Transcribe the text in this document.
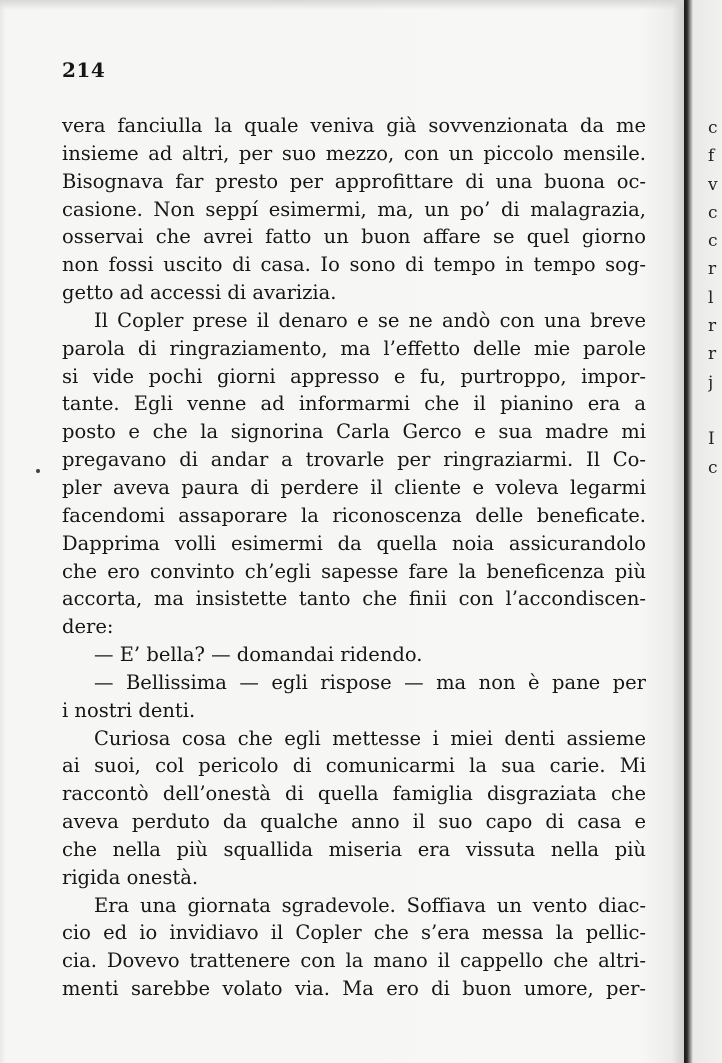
214
vera fanciulla la quale veniva già sovvenzionata da me
insieme ad altri, per suo mezzo, con un piccolo mensile.
Bisognava far presto per approfittare di una buona oc-
casione. Non seppí esimermi, ma, un po’ di malagrazia,
osservai che avrei fatto un buon affare se quel giorno
non fossi uscito di casa. Io sono di tempo in tempo sog-
getto ad accessi di avarizia.
Il Copler prese il denaro e se ne andò con una breve
parola di ringraziamento, ma l’effetto delle mie parole
si vide pochi giorni appresso e fu, purtroppo, impor-
tante. Egli venne ad informarmi che il pianino era a
posto e che la signorina Carla Gerco e sua madre mi
pregavano di andar a trovarle per ringraziarmi. Il Co-
pler aveva paura di perdere il cliente e voleva legarmi
facendomi assaporare la riconoscenza delle beneficate.
Dapprima volli esimermi da quella noia assicurandolo
che ero convinto ch’egli sapesse fare la beneficenza più
accorta, ma insistette tanto che finii con l’accondiscen-
dere:
— E’ bella? — domandai ridendo.
— Bellissima — egli rispose — ma non è pane per
i nostri denti.
Curiosa cosa che egli mettesse i miei denti assieme
ai suoi, col pericolo di comunicarmi la sua carie. Mi
raccontò dell’onestà di quella famiglia disgraziata che
aveva perduto da qualche anno il suo capo di casa e
che nella più squallida miseria era vissuta nella più
rigida onestà.
Era una giornata sgradevole. Soffiava un vento diac-
cio ed io invidiavo il Copler che s’era messa la pellic-
cia. Dovevo trattenere con la mano il cappello che altri-
menti sarebbe volato via. Ma ero di buon umore, per-
c
f
v
c
c
r
l
r
r
j
I
c
